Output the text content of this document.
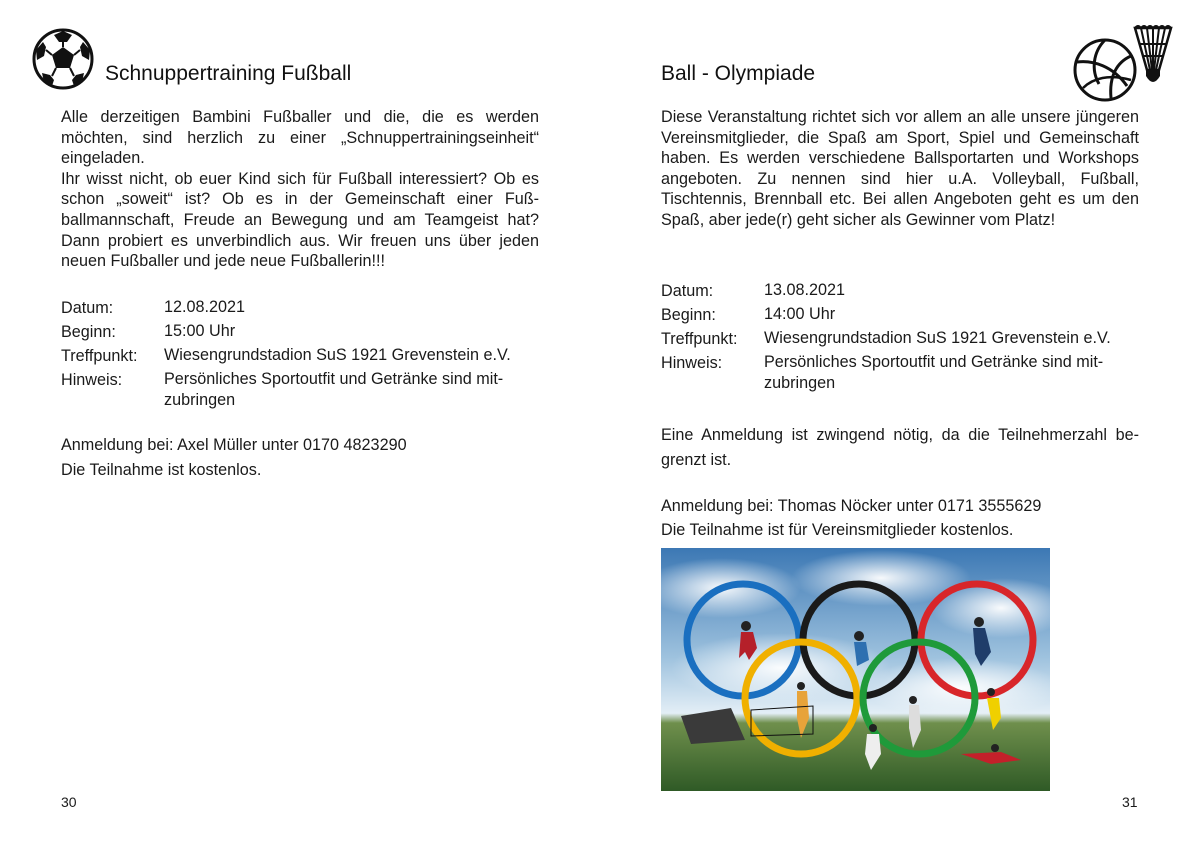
Schnuppertraining Fußball

Alle derzeitigen Bambini Fußballer und die, die es werden möchten, sind herzlich zu einer „Schnuppertrainingseinheit“ eingeladen.

Ihr wisst nicht, ob euer Kind sich für Fußball interessiert? Ob es schon „soweit“ ist? Ob es in der Gemeinschaft einer Fußballmannschaft, Freude an Bewegung und am Teamgeist hat? Dann probiert es unverbindlich aus. Wir freuen uns über jeden neuen Fußballer und jede neue Fußballerin!!!

Datum:	12.08.2021
Beginn:	15:00 Uhr
Treffpunkt:	Wiesengrundstadion SuS 1921 Grevenstein e.V.
Hinweis:	Persönliches Sportoutfit und Getränke sind mit-
zubringen

Anmeldung bei: Axel Müller unter 0170 4823290

Die Teilnahme ist kostenlos.

30
Ball - Olympiade

Diese Veranstaltung richtet sich vor allem an alle unsere jüngeren Vereinsmitglieder, die Spaß am Sport, Spiel und Gemeinschaft haben. Es werden verschiedene Ballsportarten und Workshops angeboten. Zu nennen sind hier u.A. Volleyball, Fußball, Tischtennis, Brennball etc. Bei allen Angeboten geht es um den Spaß, aber jede(r) geht sicher als Gewinner vom Platz!

Datum:	13.08.2021
Beginn:	14:00 Uhr
Treffpunkt:	Wiesengrundstadion SuS 1921 Grevenstein e.V.
Hinweis:	Persönliches Sportoutfit und Getränke sind mit-
zubringen

Eine Anmeldung ist zwingend nötig, da die Teilnehmerzahl begrenzt ist.

Anmeldung bei: Thomas Nöcker unter 0171 3555629

Die Teilnahme ist für Vereinsmitglieder kostenlos.

31
